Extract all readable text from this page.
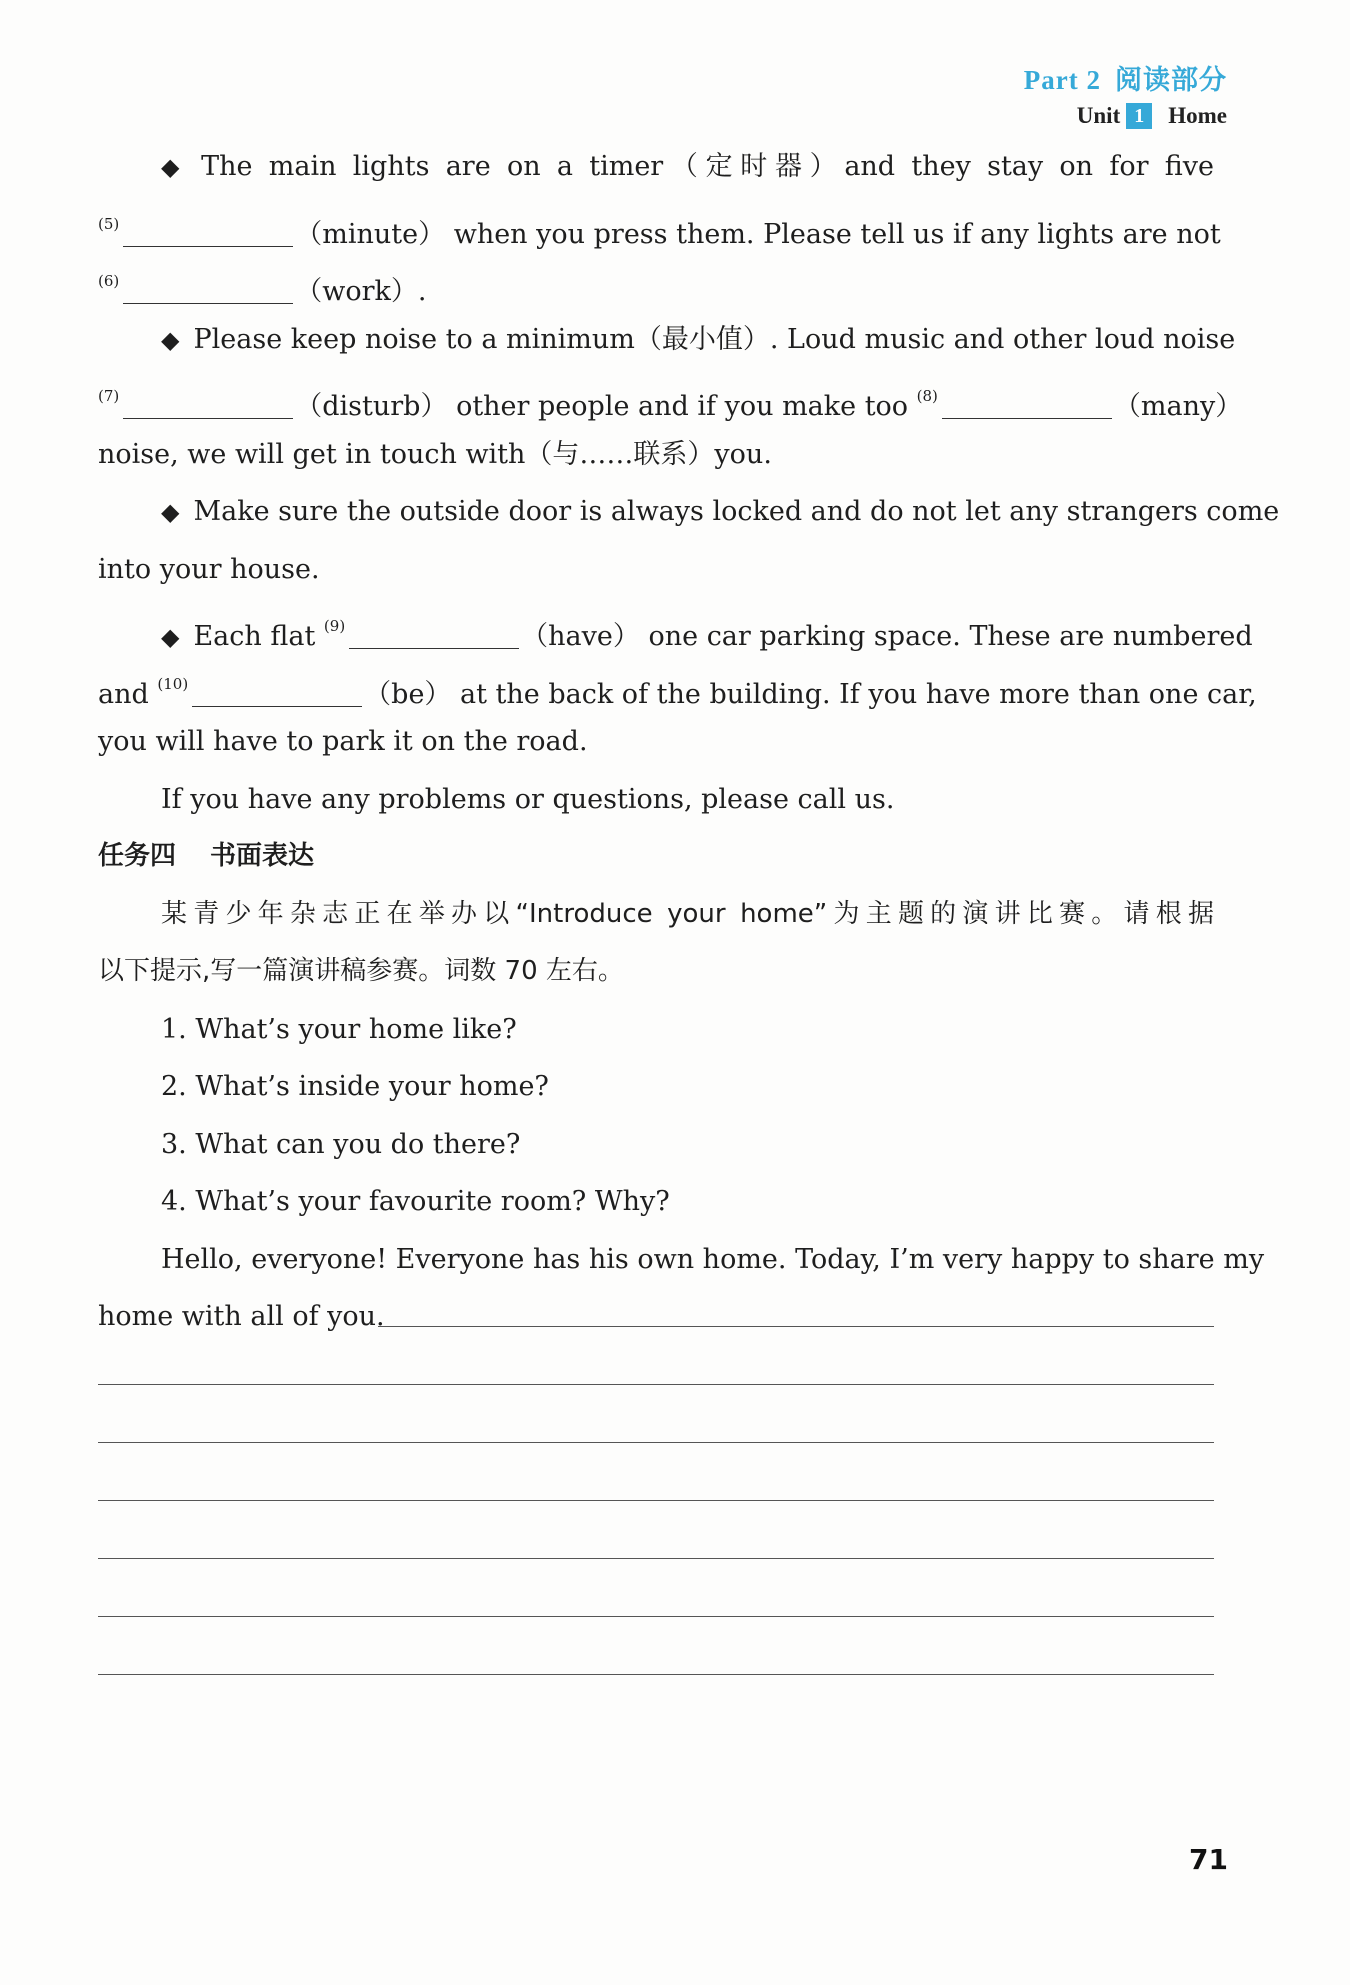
Part 2 阅读部分
Unit 1	Home
◆ The main lights are on a timer（定时器）and they stay on for five
$^{(5)}$	（minute） when you press them. Please tell us if any lights are not
$^{(6)}$	（work）.
◆ Please keep noise to a minimum（最小值）. Loud music and other loud noise
$^{(7)}$	（disturb） other people and if you make too $^{(8)}$	（many）
noise, we will get in touch with（与……联系）you.
◆ Make sure the outside door is always locked and do not let any strangers come
into your house.
◆ Each flat $^{(9)}$	（have） one car parking space. These are numbered
and $^{(10)}$	（be） at the back of the building. If you have more than one car,
you will have to park it on the road.
If you have any problems or questions, please call us.
任务四 书面表达
某青少年杂志正在举办以“Introduce your home”为主题的演讲比赛。请根据
以下提示,写一篇演讲稿参赛。词数 70 左右。
1. What’s your home like?
2. What’s inside your home?
3. What can you do there?
4. What’s your favourite room? Why?
Hello, everyone! Everyone has his own home. Today, I’m very happy to share my
home with all of you.
71
